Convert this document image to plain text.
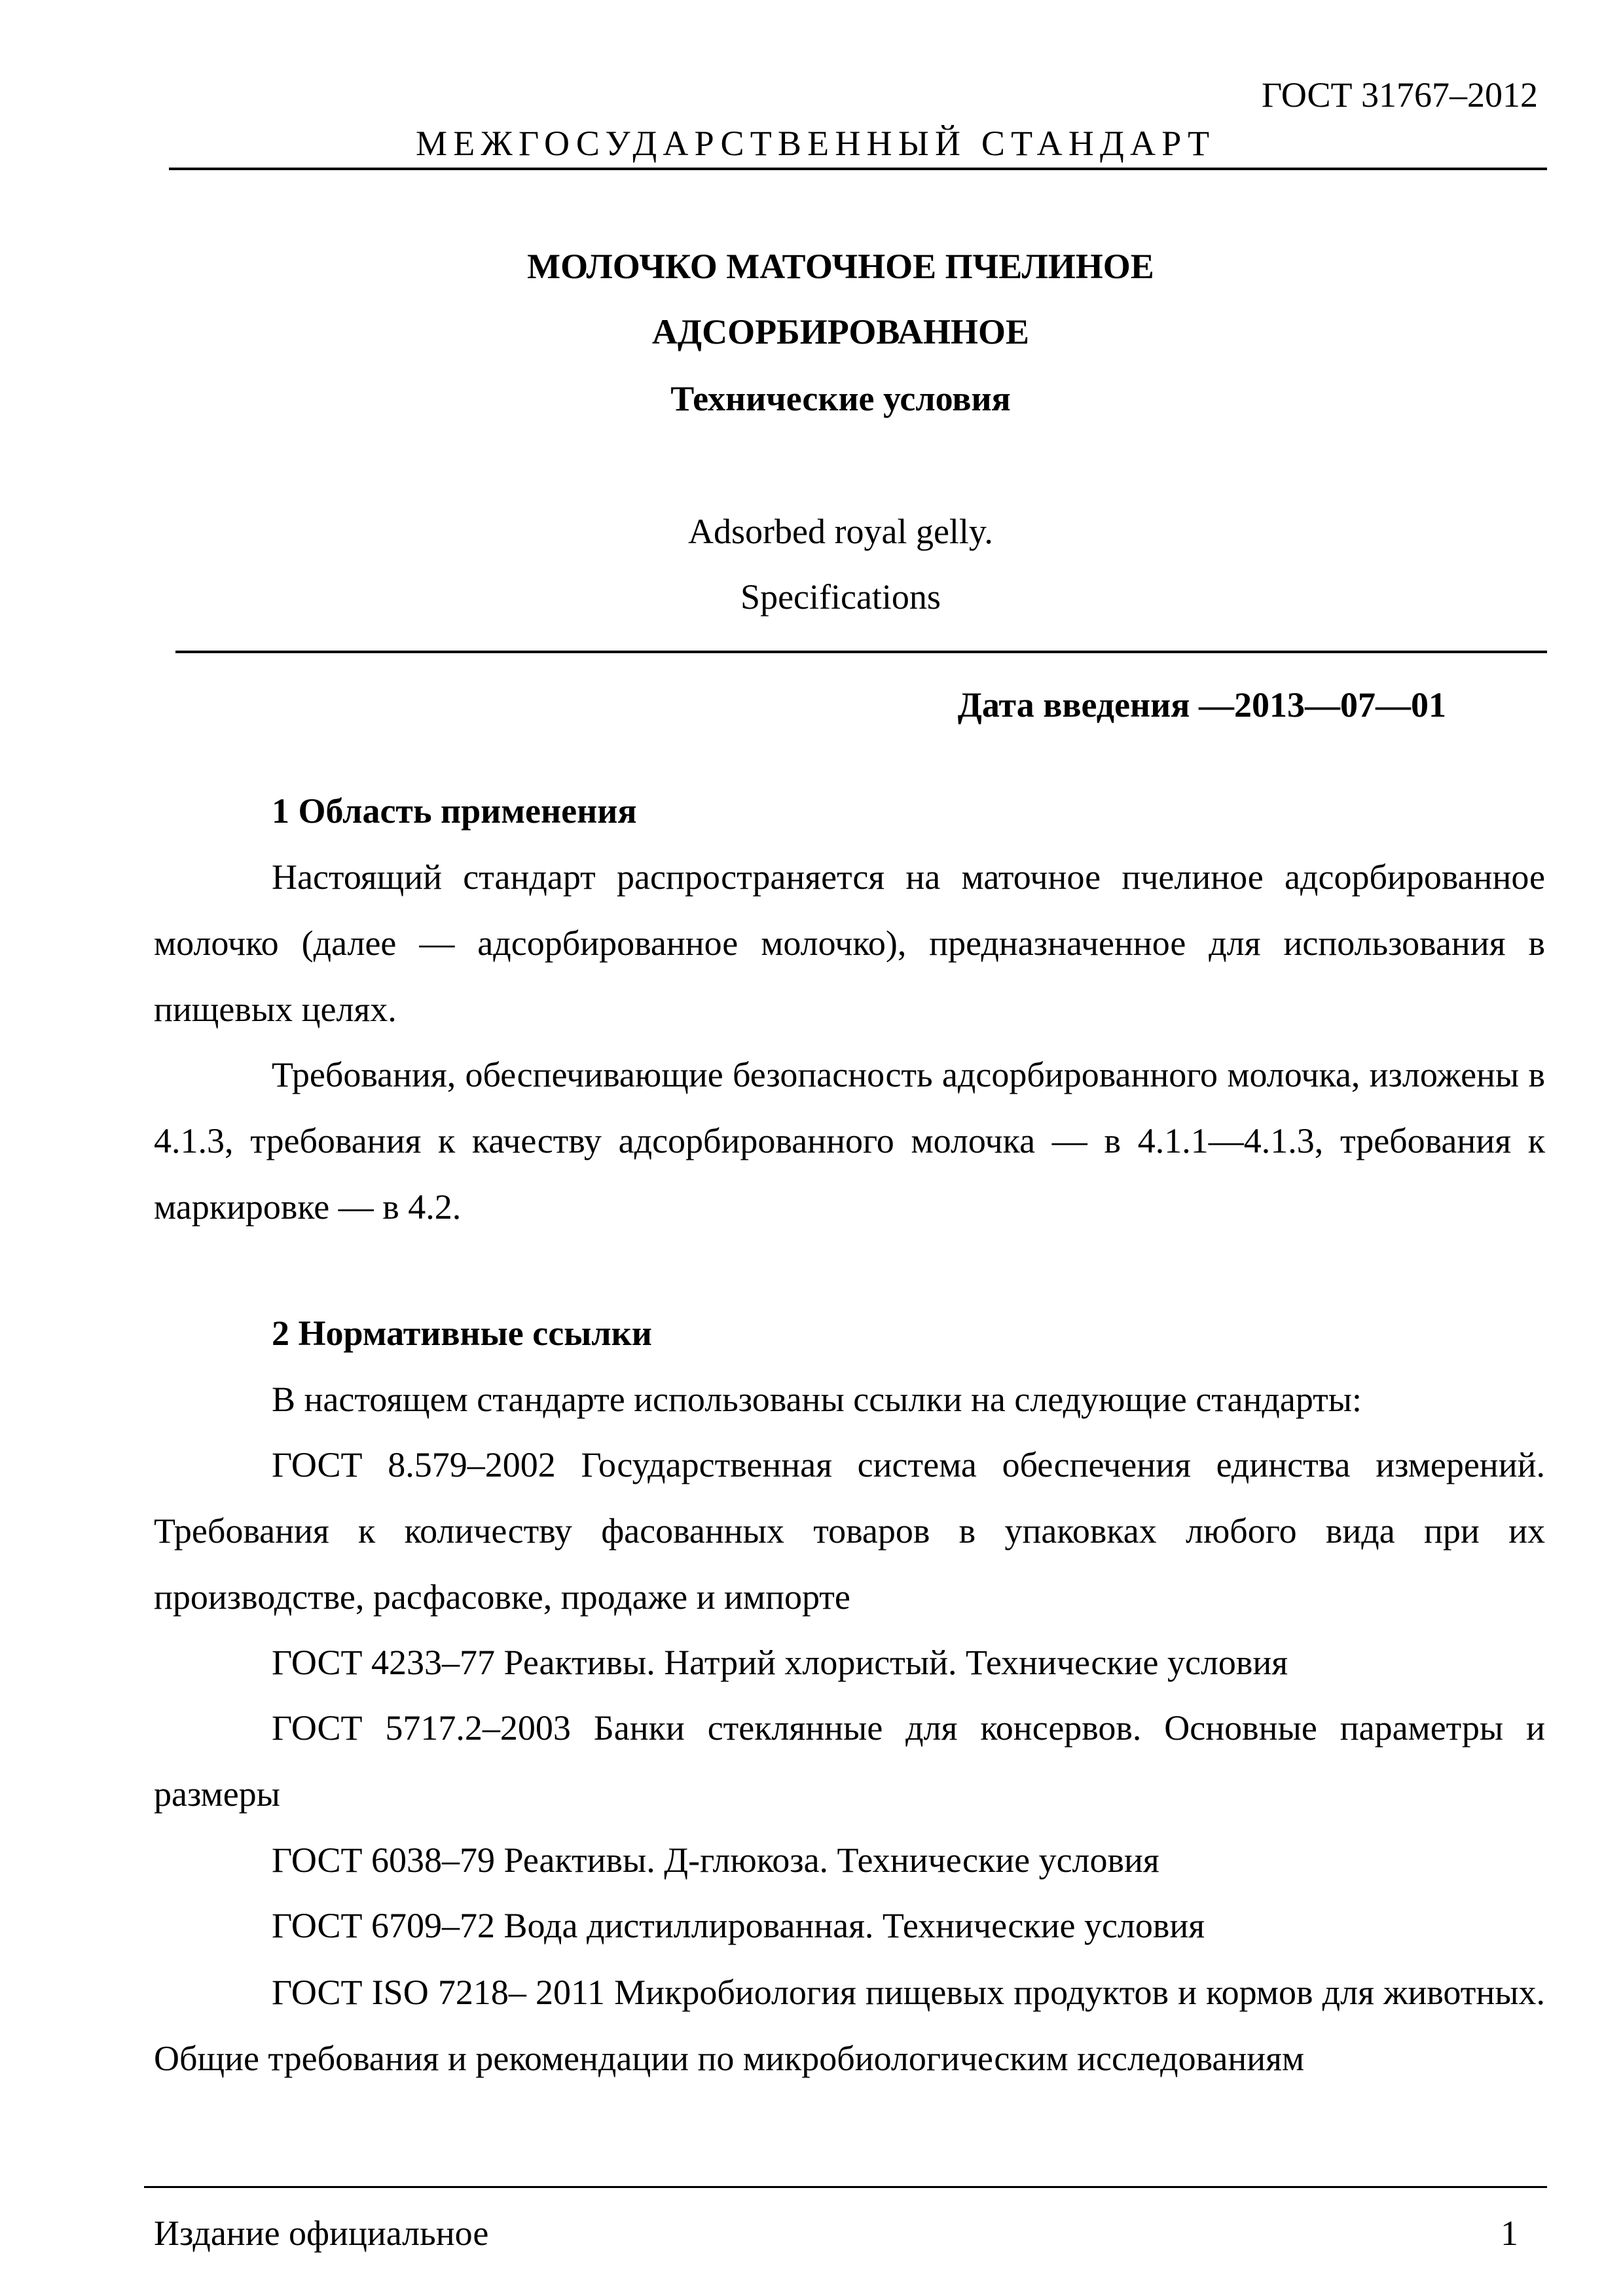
ГОСТ 31767–2012
МЕЖГОСУДАРСТВЕННЫЙ СТАНДАРТ
МОЛОЧКО МАТОЧНОЕ ПЧЕЛИНОЕ
АДСОРБИРОВАННОЕ
Технические условия
Adsorbed royal gelly.
Specifications
Дата введения —2013—07—01
1 Область применения

Настоящий стандарт распространяется на маточное пчелиное адсорбированное молочко (далее — адсорбированное молочко), предназначенное для использования в пищевых целях.

Требования, обеспечивающие безопасность адсорбированного молочка, изложены в 4.1.3, требования к качеству адсорбированного молочка — в 4.1.1—4.1.3, требования к маркировке — в 4.2.

2 Нормативные ссылки

В настоящем стандарте использованы ссылки на следующие стандарты:

ГОСТ 8.579–2002 Государственная система обеспечения единства измерений. Требования к количеству фасованных товаров в упаковках любого вида при их производстве, расфасовке, продаже и импорте

ГОСТ 4233–77 Реактивы. Натрий хлористый. Технические условия

ГОСТ 5717.2–2003 Банки стеклянные для консервов. Основные параметры и размеры

ГОСТ 6038–79 Реактивы. Д-глюкоза. Технические условия

ГОСТ 6709–72 Вода дистиллированная. Технические условия

ГОСТ ISO 7218– 2011 Микробиология пищевых продуктов и кормов для животных. Общие требования и рекомендации по микробиологическим исследованиям

Издание официальное	1
